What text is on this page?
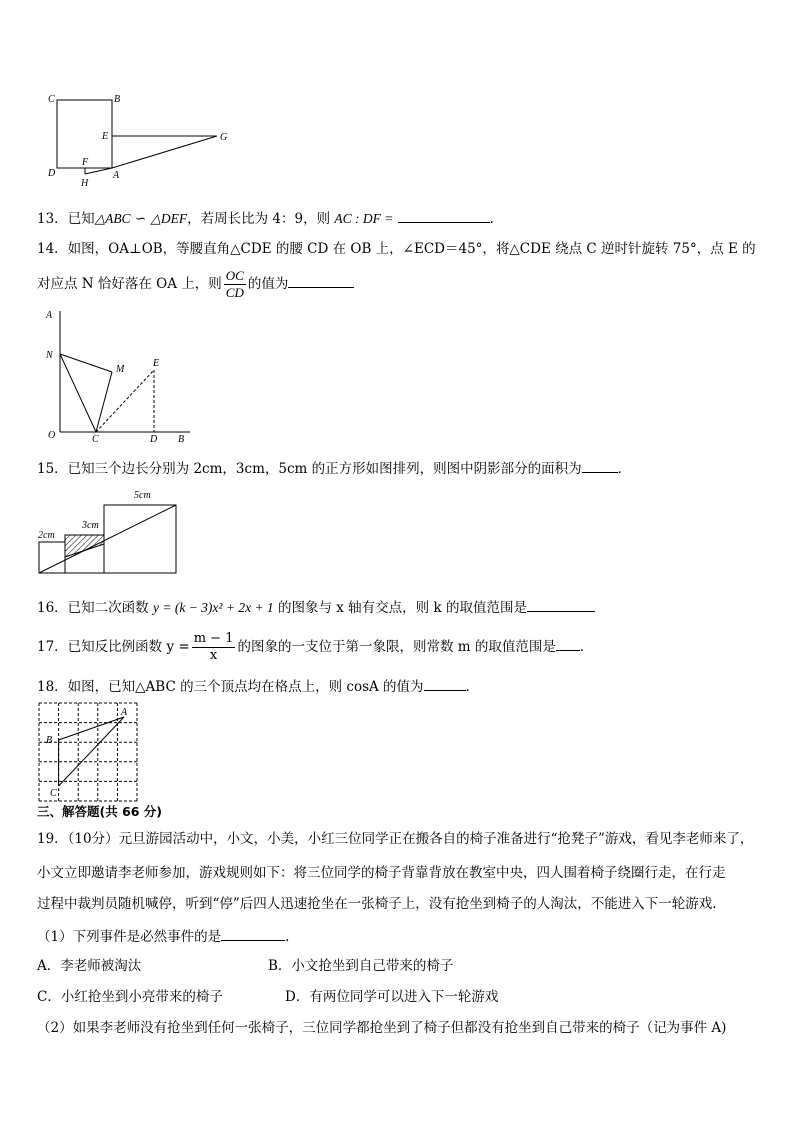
C	B
E	G
F
D
H
A
13．已知△ABC ∽ △DEF，若周长比为 4：9，则 AC : DF =	．
14．如图，OA⊥OB，等腰直角△CDE 的腰 CD 在 OB 上，∠ECD＝45°，将△CDE 绕点 C 逆时针旋转 75°，点 E 的
对应点 N 恰好落在 OA 上，则 $\frac{OC}{CD}$ 的值为
A
N
M
E
O	C	D B
15．已知三个边长分别为 2cm，3cm，5cm 的正方形如图排列，则图中阴影部分的面积为	．
5cm
3cm
2cm
16．已知二次函数 y = (k − 3)x² + 2x + 1 的图象与 x 轴有交点，则 k 的取值范围是
17．已知反比例函数 $y = \frac{m - 1}{x}$ 的图象的一支位于第一象限，则常数 m 的取值范围是 ．
18．如图，已知△ABC 的三个顶点均在格点上，则 cosA 的值为	．
A
B
C
三、解答题(共 66 分)
19．（10分）元旦游园活动中，小文，小美，小红三位同学正在搬各自的椅子准备进行“抢凳子”游戏，看见李老师来了，
小文立即邀请李老师参加，游戏规则如下：将三位同学的椅子背靠背放在教室中央，四人围着椅子绕圈行走，在行走
过程中裁判员随机喊停，听到“停”后四人迅速抢坐在一张椅子上，没有抢坐到椅子的人淘汰，不能进入下一轮游戏.
（1）下列事件是必然事件的是	.
A．李老师被淘汰	B．小文抢坐到自己带来的椅子
C．小红抢坐到小亮带来的椅子	D．有两位同学可以进入下一轮游戏
（2）如果李老师没有抢坐到任何一张椅子，三位同学都抢坐到了椅子但都没有抢坐到自己带来的椅子（记为事件 A)
